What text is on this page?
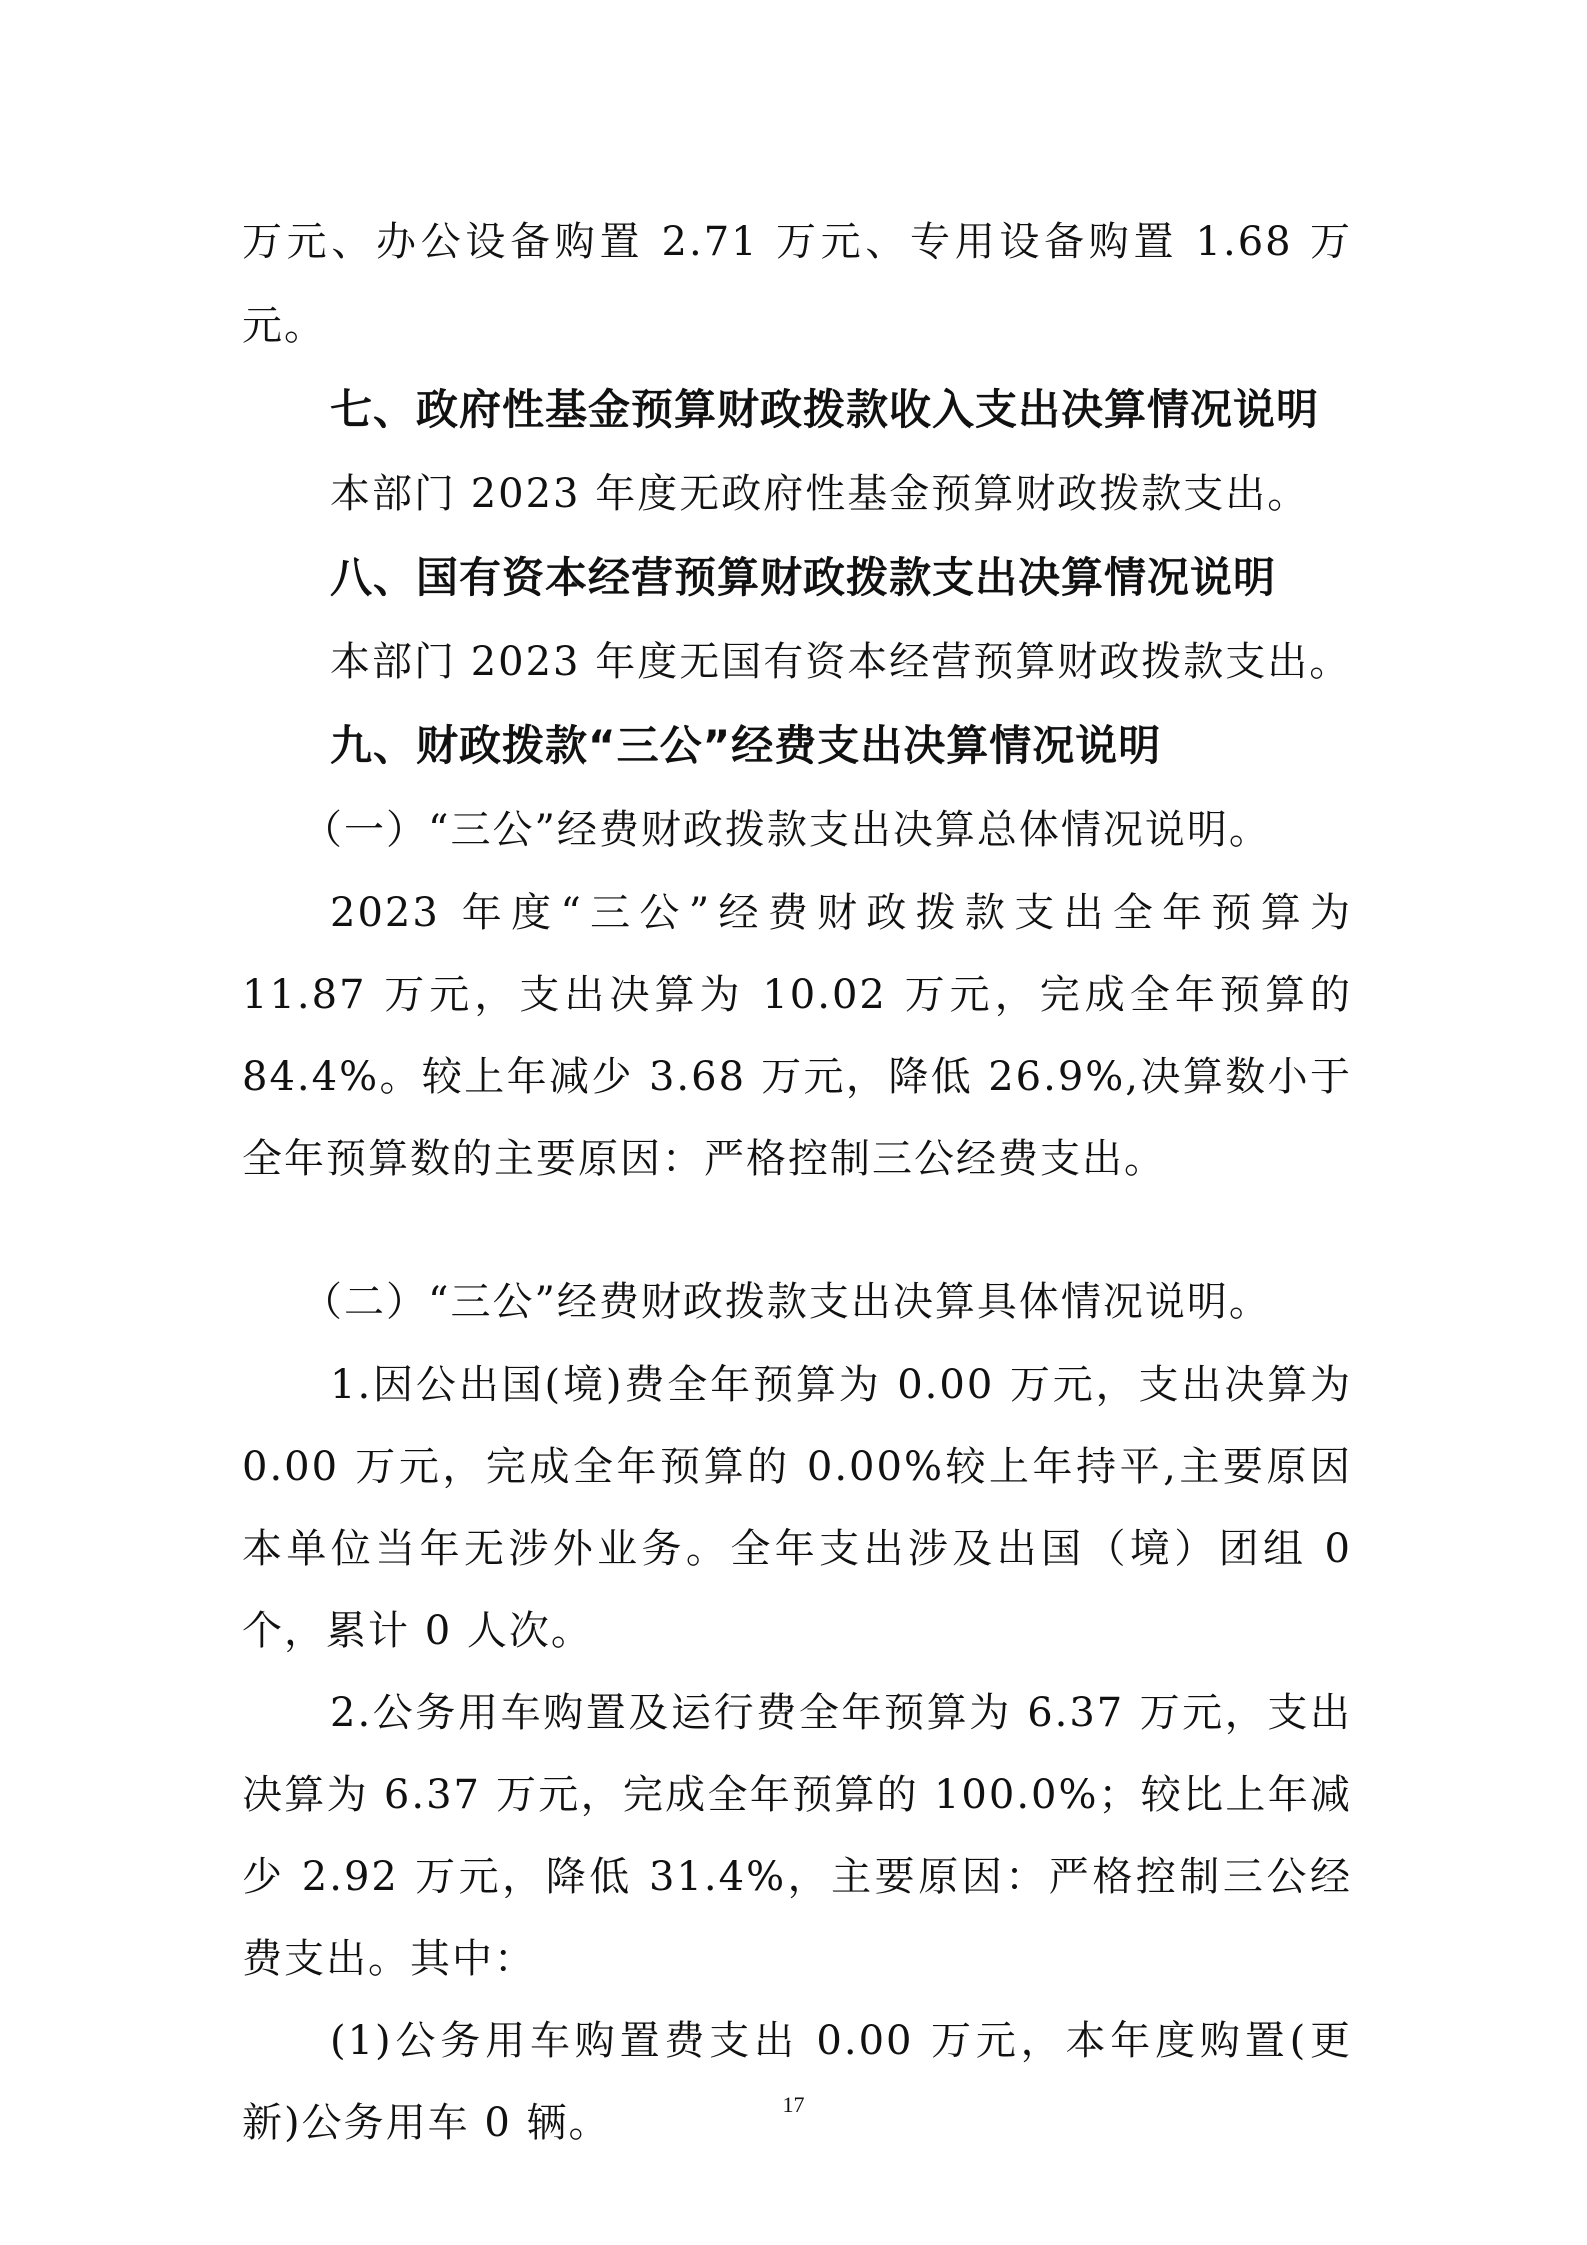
万元、办公设备购置 2.71 万元、专用设备购置 1.68 万元。

七、政府性基金预算财政拨款收入支出决算情况说明

本部门 2023 年度无政府性基金预算财政拨款支出。

八、国有资本经营预算财政拨款支出决算情况说明

本部门 2023 年度无国有资本经营预算财政拨款支出。

九、财政拨款“三公”经费支出决算情况说明

（一）“三公”经费财政拨款支出决算总体情况说明。

2023 年度“三公”经费财政拨款支出全年预算为 11.87 万元，支出决算为 10.02 万元，完成全年预算的 84.4%。较上年减少 3.68 万元，降低 26.9%,决算数小于全年预算数的主要原因：严格控制三公经费支出。

（二）“三公”经费财政拨款支出决算具体情况说明。

1.因公出国(境)费全年预算为 0.00 万元，支出决算为 0.00 万元，完成全年预算的 0.00%较上年持平,主要原因本单位当年无涉外业务。全年支出涉及出国（境）团组 0 个，累计 0 人次。

2.公务用车购置及运行费全年预算为 6.37 万元，支出决算为 6.37 万元，完成全年预算的 100.0%；较比上年减少 2.92 万元，降低 31.4%，主要原因：严格控制三公经费支出。其中：

(1)公务用车购置费支出 0.00 万元，本年度购置(更新)公务用车 0 辆。	17
